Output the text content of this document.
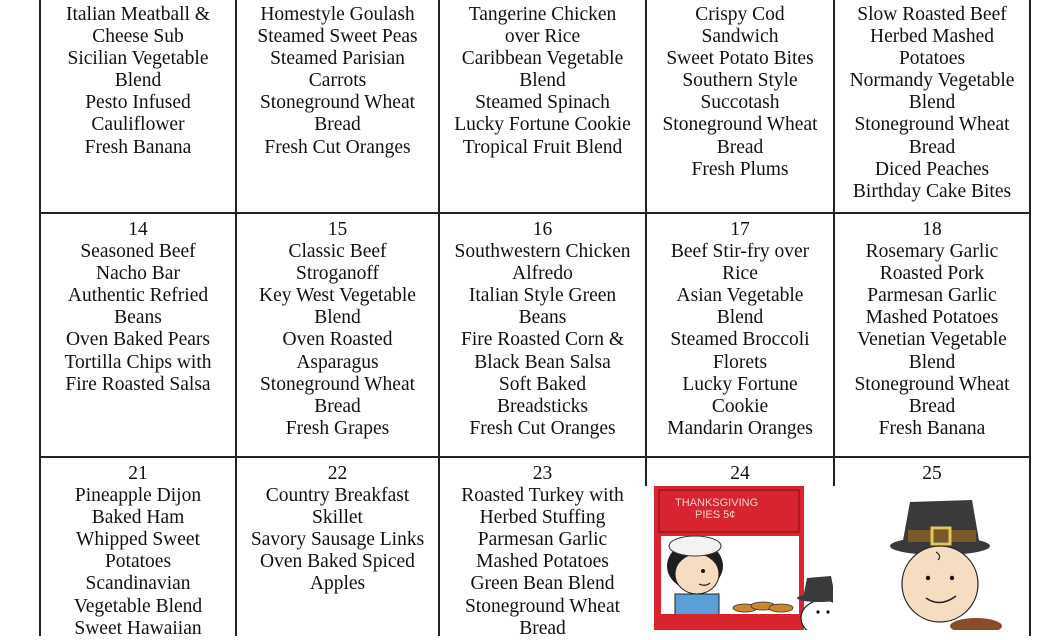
Italian Meatball &
Cheese Sub
Sicilian Vegetable
Blend
Pesto Infused
Cauliflower
Fresh Banana
Homestyle Goulash
Steamed Sweet Peas
Steamed Parisian
Carrots
Stoneground Wheat
Bread
Fresh Cut Oranges
Tangerine Chicken
over Rice
Caribbean Vegetable
Blend
Steamed Spinach
Lucky Fortune Cookie
Tropical Fruit Blend
Crispy Cod
Sandwich
Sweet Potato Bites
Southern Style
Succotash
Stoneground Wheat
Bread
Fresh Plums
Slow Roasted Beef
Herbed Mashed
Potatoes
Normandy Vegetable
Blend
Stoneground Wheat
Bread
Diced Peaches
Birthday Cake Bites
14
Seasoned Beef
Nacho Bar
Authentic Refried
Beans
Oven Baked Pears
Tortilla Chips with
Fire Roasted Salsa
15
Classic Beef
Stroganoff
Key West Vegetable
Blend
Oven Roasted
Asparagus
Stoneground Wheat
Bread
Fresh Grapes
16
Southwestern Chicken
Alfredo
Italian Style Green
Beans
Fire Roasted Corn &
Black Bean Salsa
Soft Baked
Breadsticks
Fresh Cut Oranges
17
Beef Stir-fry over
Rice
Asian Vegetable
Blend
Steamed Broccoli
Florets
Lucky Fortune
Cookie
Mandarin Oranges
18
Rosemary Garlic
Roasted Pork
Parmesan Garlic
Mashed Potatoes
Venetian Vegetable
Blend
Stoneground Wheat
Bread
Fresh Banana
21
Pineapple Dijon
Baked Ham
Whipped Sweet
Potatoes
Scandinavian
Vegetable Blend
Sweet Hawaiian
22
Country Breakfast
Skillet
Savory Sausage Links
Oven Baked Spiced
Apples
23
Roasted Turkey with
Herbed Stuffing
Parmesan Garlic
Mashed Potatoes
Green Bean Blend
Stoneground Wheat
Bread
24	25
THANKSGIVING PIES 5¢
